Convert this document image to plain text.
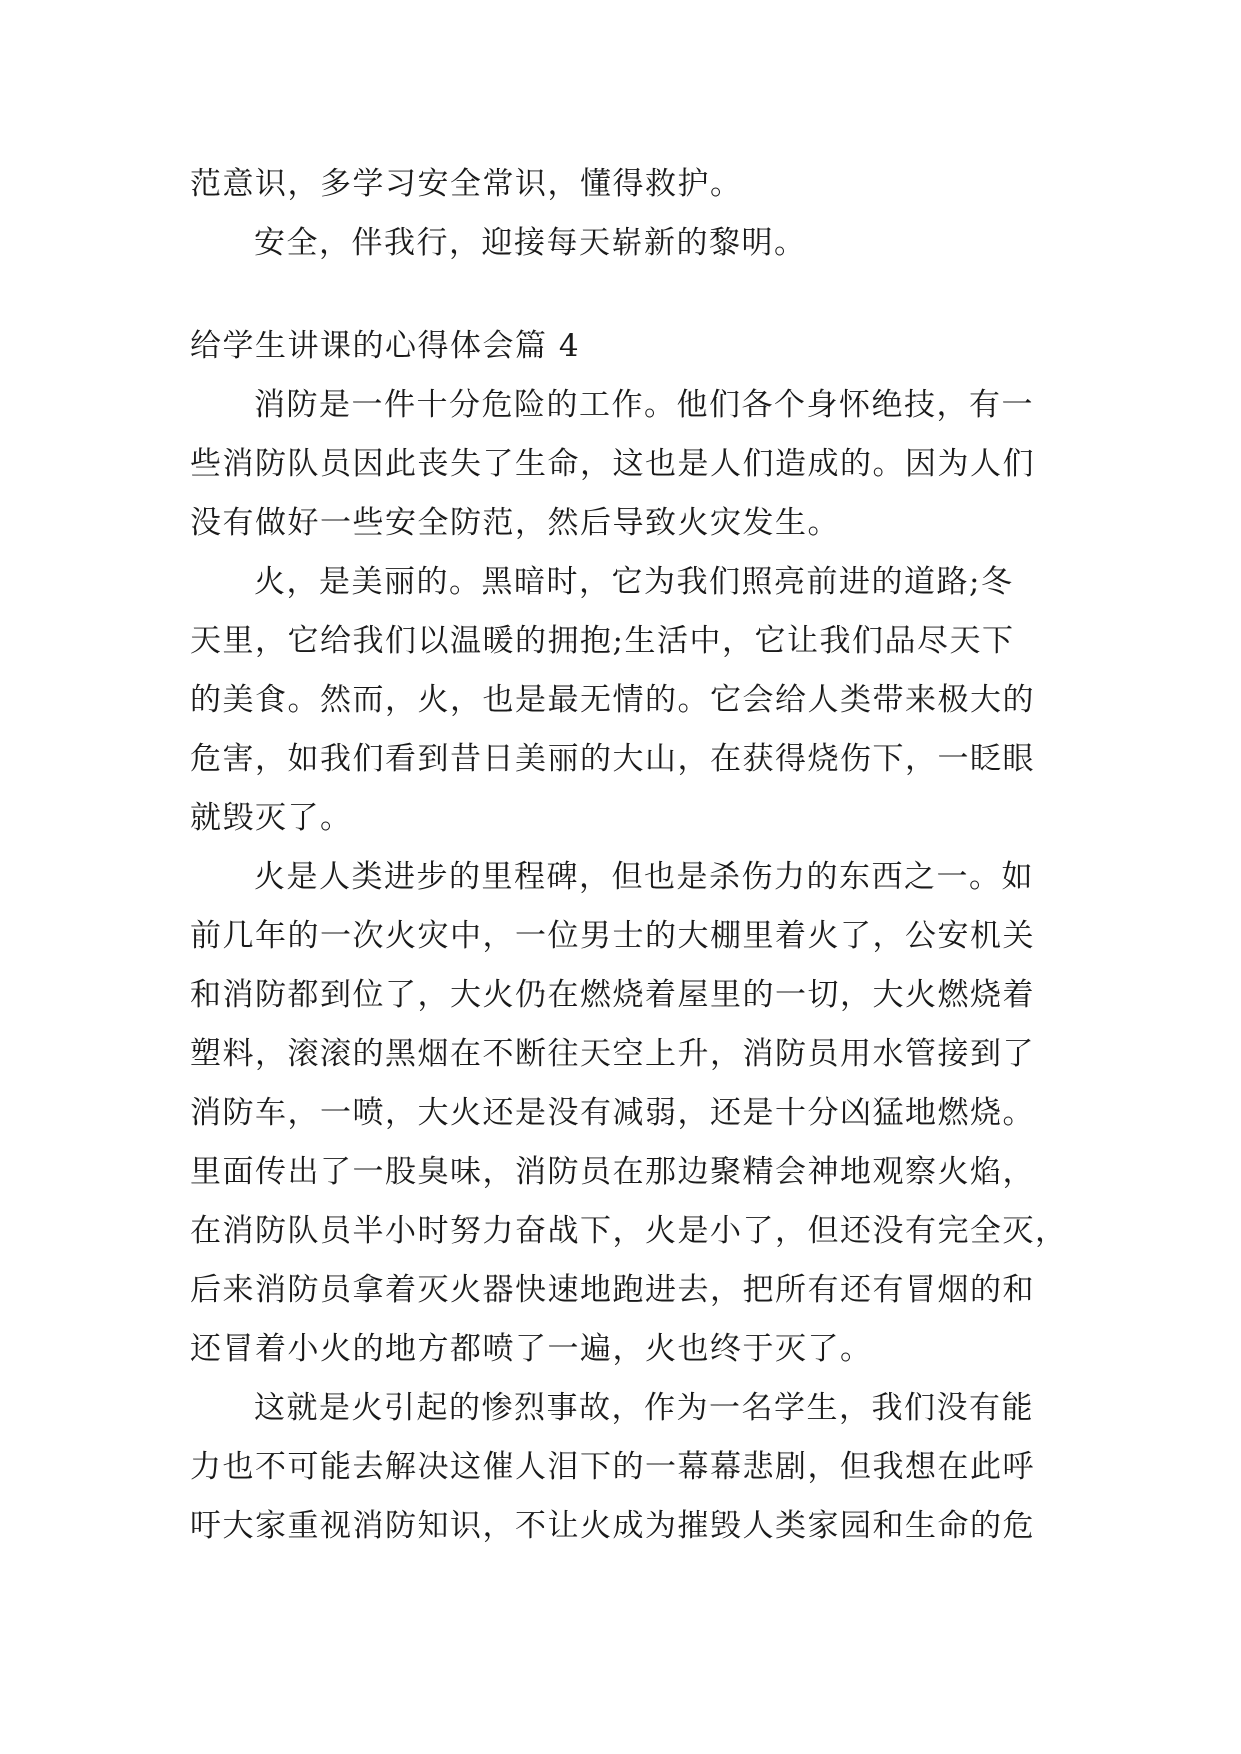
范意识，多学习安全常识，懂得救护。
安全，伴我行，迎接每天崭新的黎明。
给学生讲课的心得体会篇 4
消防是一件十分危险的工作。他们各个身怀绝技，有一
些消防队员因此丧失了生命，这也是人们造成的。因为人们
没有做好一些安全防范，然后导致火灾发生。
火，是美丽的。黑暗时，它为我们照亮前进的道路;冬
天里，它给我们以温暖的拥抱;生活中，它让我们品尽天下
的美食。然而，火，也是最无情的。它会给人类带来极大的
危害，如我们看到昔日美丽的大山，在获得烧伤下，一眨眼
就毁灭了。
火是人类进步的里程碑，但也是杀伤力的东西之一。如
前几年的一次火灾中，一位男士的大棚里着火了，公安机关
和消防都到位了，大火仍在燃烧着屋里的一切，大火燃烧着
塑料，滚滚的黑烟在不断往天空上升，消防员用水管接到了
消防车，一喷，大火还是没有减弱，还是十分凶猛地燃烧。
里面传出了一股臭味，消防员在那边聚精会神地观察火焰，
在消防队员半小时努力奋战下，火是小了，但还没有完全灭，
后来消防员拿着灭火器快速地跑进去，把所有还有冒烟的和
还冒着小火的地方都喷了一遍，火也终于灭了。
这就是火引起的惨烈事故，作为一名学生，我们没有能
力也不可能去解决这催人泪下的一幕幕悲剧，但我想在此呼
吁大家重视消防知识，不让火成为摧毁人类家园和生命的危
